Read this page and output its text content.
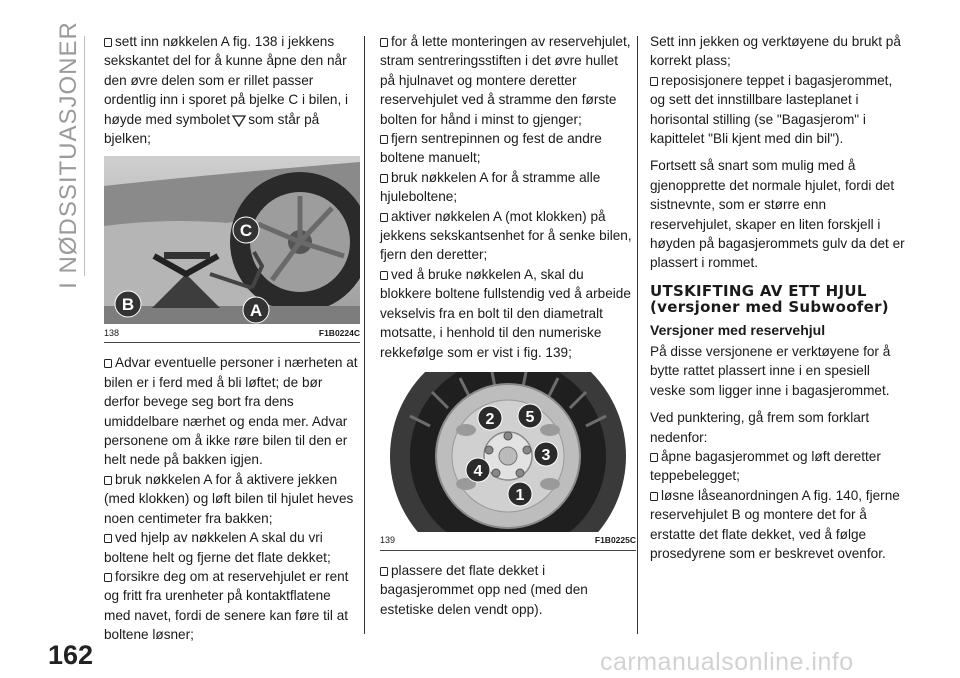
I NØDSSITUASJONER	sett inn nøkkelen A fig. 138 i jekkens sekskantet del for å kunne åpne den når den øvre delen som er rillet passer ordentlig inn i sporet på bjelke C i bilen, i høyde med symbolet som står på bjelken;

C
B	A
138	F1B0224C

Advar eventuelle personer i nærheten at bilen er i ferd med å bli løftet; de bør derfor bevege seg bort fra dens umiddelbare nærhet og enda mer. Advar personene om å ikke røre bilen til den er helt nede på bakken igjen.

bruk nøkkelen A for å aktivere jekken (med klokken) og løft bilen til hjulet heves noen centimeter fra bakken;

ved hjelp av nøkkelen A skal du vri boltene helt og fjerne det flate dekket;

forsikre deg om at reservehjulet er rent og fritt fra urenheter på kontaktflatene med navet, fordi de senere kan føre til at boltene løsner;

for å lette monteringen av reservehjulet, stram sentreringsstiften i det øvre hullet på hjulnavet og montere deretter reservehjulet ved å stramme den første bolten for hånd i minst to gjenger;

fjern sentrepinnen og fest de andre boltene manuelt;

bruk nøkkelen A for å stramme alle hjuleboltene;

aktiver nøkkelen A (mot klokken) på jekkens sekskantsenhet for å senke bilen, fjern den deretter;

ved å bruke nøkkelen A, skal du blokkere boltene fullstendig ved å arbeide vekselvis fra en bolt til den diametralt motsatte, i henhold til den numeriske rekkefølge som er vist i fig. 139;

2 5
3
4
1
139	F1B0225C

plassere det flate dekket i bagasjerommet opp ned (med den estetiske delen vendt opp).

Sett inn jekken og verktøyene du brukt på korrekt plass;

reposisjonere teppet i bagasjerommet, og sett det innstillbare lasteplanet i horisontal stilling (se "Bagasjerom" i kapittelet "Bli kjent med din bil").

Fortsett så snart som mulig med å gjenopprette det normale hjulet, fordi det sistnevnte, som er større enn reservehjulet, skaper en liten forskjell i høyden på bagasjerommets gulv da det er plassert i rommet.

UTSKIFTING AV ETT HJUL (versjoner med Subwoofer)
Versjoner med reservehjul

På disse versjonene er verktøyene for å bytte rattet plassert inne i en spesiell veske som ligger inne i bagasjerommet.

Ved punktering, gå frem som forklart nedenfor:

åpne bagasjerommet og løft deretter teppebelegget;

løsne låseanordningen A fig. 140, fjerne reservehjulet B og montere det for å erstatte det flate dekket, ved å følge prosedyrene som er beskrevet ovenfor.

162	carmanualsonline.info
